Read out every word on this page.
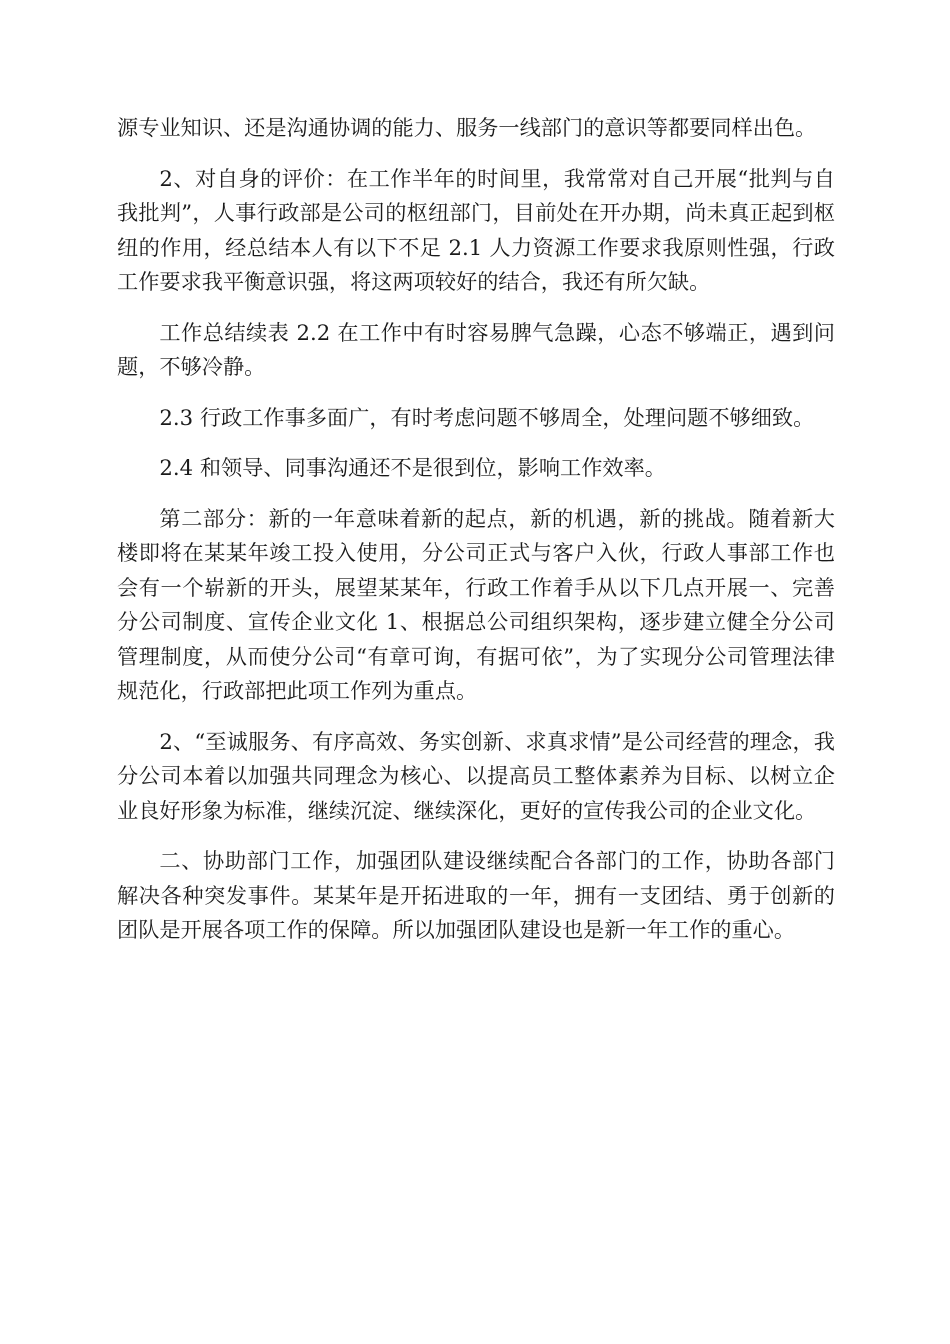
源专业知识、还是沟通协调的能力、服务一线部门的意识等都要同样出色。

2、对自身的评价：在工作半年的时间里，我常常对自己开展“批判与自我批判”，人事行政部是公司的枢纽部门，目前处在开办期，尚未真正起到枢纽的作用，经总结本人有以下不足 2.1 人力资源工作要求我原则性强，行政工作要求我平衡意识强，将这两项较好的结合，我还有所欠缺。

工作总结续表 2.2 在工作中有时容易脾气急躁，心态不够端正，遇到问题，不够冷静。

2.3 行政工作事多面广，有时考虑问题不够周全，处理问题不够细致。

2.4 和领导、同事沟通还不是很到位，影响工作效率。

第二部分：新的一年意味着新的起点，新的机遇，新的挑战。随着新大楼即将在某某年竣工投入使用，分公司正式与客户入伙，行政人事部工作也会有一个崭新的开头，展望某某年，行政工作着手从以下几点开展一、完善分公司制度、宣传企业文化 1、根据总公司组织架构，逐步建立健全分公司管理制度，从而使分公司“有章可询，有据可依”，为了实现分公司管理法律规范化，行政部把此项工作列为重点。

2、“至诚服务、有序高效、务实创新、求真求情”是公司经营的理念，我分公司本着以加强共同理念为核心、以提高员工整体素养为目标、以树立企业良好形象为标准，继续沉淀、继续深化，更好的宣传我公司的企业文化。

二、协助部门工作，加强团队建设继续配合各部门的工作，协助各部门解决各种突发事件。某某年是开拓进取的一年，拥有一支团结、勇于创新的团队是开展各项工作的保障。所以加强团队建设也是新一年工作的重心。
